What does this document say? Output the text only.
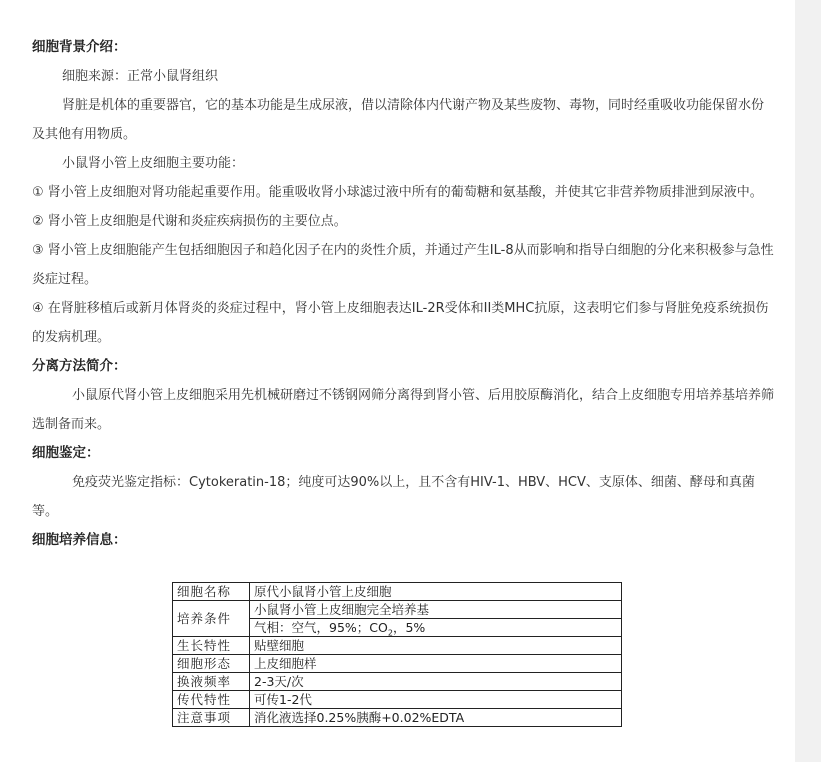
细胞背景介绍：

细胞来源：正常小鼠肾组织

肾脏是机体的重要器官，它的基本功能是生成尿液，借以清除体内代谢产物及某些废物、毒物，同时经重吸收功能保留水份及其他有用物质。

小鼠肾小管上皮细胞主要功能：

① 肾小管上皮细胞对肾功能起重要作用。能重吸收肾小球滤过液中所有的葡萄糖和氨基酸，并使其它非营养物质排泄到尿液中。

② 肾小管上皮细胞是代谢和炎症疾病损伤的主要位点。

③ 肾小管上皮细胞能产生包括细胞因子和趋化因子在内的炎性介质，并通过产生IL-8从而影响和指导白细胞的分化来积极参与急性炎症过程。

④ 在肾脏移植后或新月体肾炎的炎症过程中，肾小管上皮细胞表达IL-2R受体和II类MHC抗原，这表明它们参与肾脏免疫系统损伤的发病机理。

分离方法简介：

小鼠原代肾小管上皮细胞采用先机械研磨过不锈钢网筛分离得到肾小管、后用胶原酶消化，结合上皮细胞专用培养基培养筛选制备而来。

细胞鉴定：

免疫荧光鉴定指标：Cytokeratin-18；纯度可达90%以上，且不含有HIV-1、HBV、HCV、支原体、细菌、酵母和真菌等。

细胞培养信息：
细胞名称	原代小鼠肾小管上皮细胞
培养条件	小鼠肾小管上皮细胞完全培养基
	气相：空气，95%；$CO_2$，5%
生长特性	贴壁细胞
细胞形态	上皮细胞样
换液频率	2-3天/次
传代特性	可传1-2代
注意事项	消化液选择0.25%胰酶+0.02%EDTA
